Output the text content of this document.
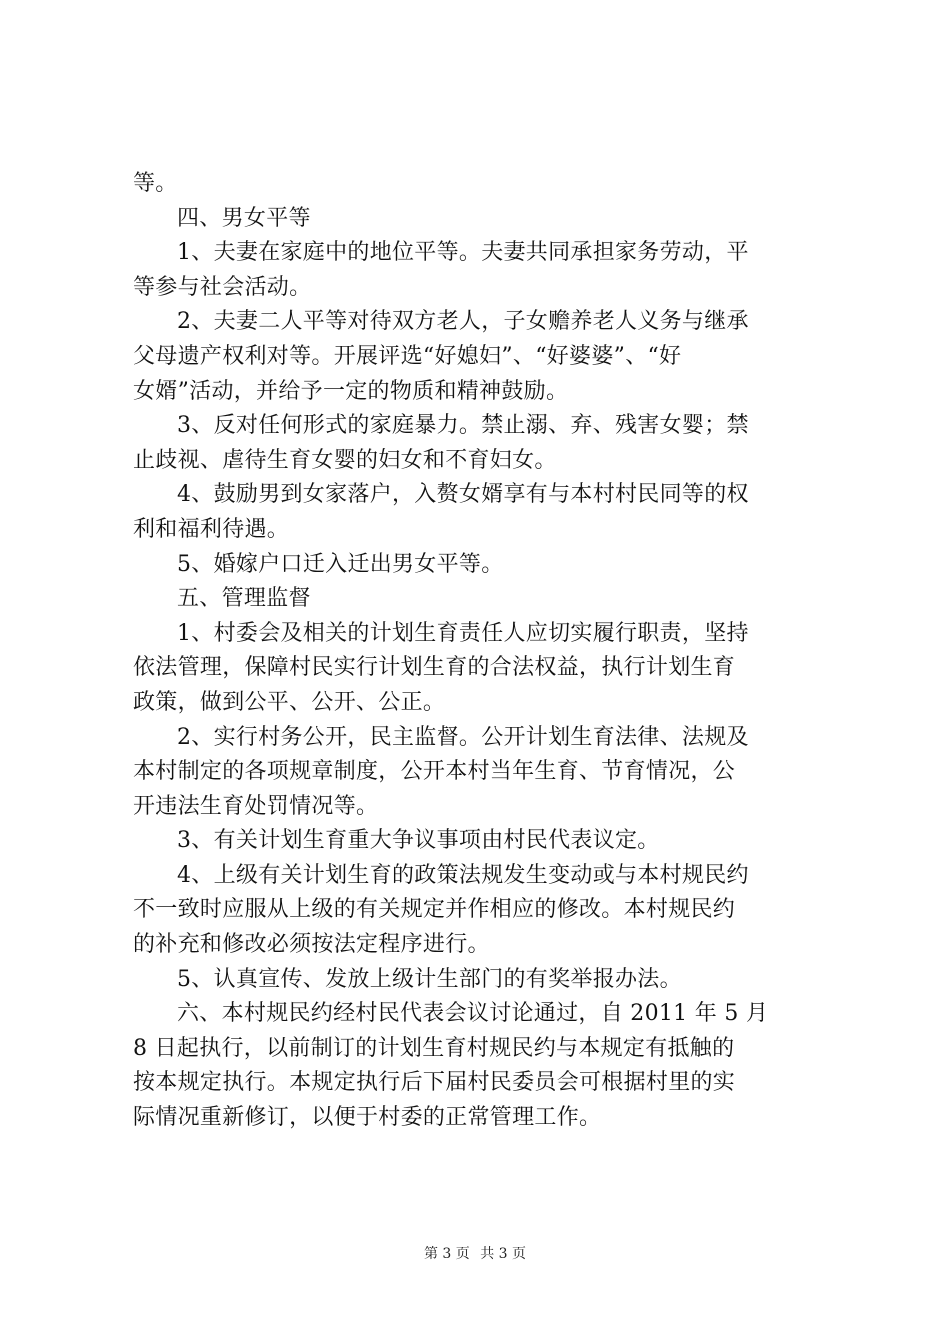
等。
四、男女平等
1、夫妻在家庭中的地位平等。夫妻共同承担家务劳动，平
等参与社会活动。
2、夫妻二人平等对待双方老人，子女赡养老人义务与继承
父母遗产权利对等。开展评选“好媳妇”、“好婆婆”、“好
女婿”活动，并给予一定的物质和精神鼓励。
3、反对任何形式的家庭暴力。禁止溺、弃、残害女婴；禁
止歧视、虐待生育女婴的妇女和不育妇女。
4、鼓励男到女家落户，入赘女婿享有与本村村民同等的权
利和福利待遇。
5、婚嫁户口迁入迁出男女平等。
五、管理监督
1、村委会及相关的计划生育责任人应切实履行职责，坚持
依法管理，保障村民实行计划生育的合法权益，执行计划生育
政策，做到公平、公开、公正。
2、实行村务公开，民主监督。公开计划生育法律、法规及
本村制定的各项规章制度，公开本村当年生育、节育情况，公
开违法生育处罚情况等。
3、有关计划生育重大争议事项由村民代表议定。
4、上级有关计划生育的政策法规发生变动或与本村规民约
不一致时应服从上级的有关规定并作相应的修改。本村规民约
的补充和修改必须按法定程序进行。
5、认真宣传、发放上级计生部门的有奖举报办法。
六、本村规民约经村民代表会议讨论通过，自 2011 年 5 月
8 日起执行，以前制订的计划生育村规民约与本规定有抵触的
按本规定执行。本规定执行后下届村民委员会可根据村里的实
际情况重新修订，以便于村委的正常管理工作。
第 3 页 共 3 页
